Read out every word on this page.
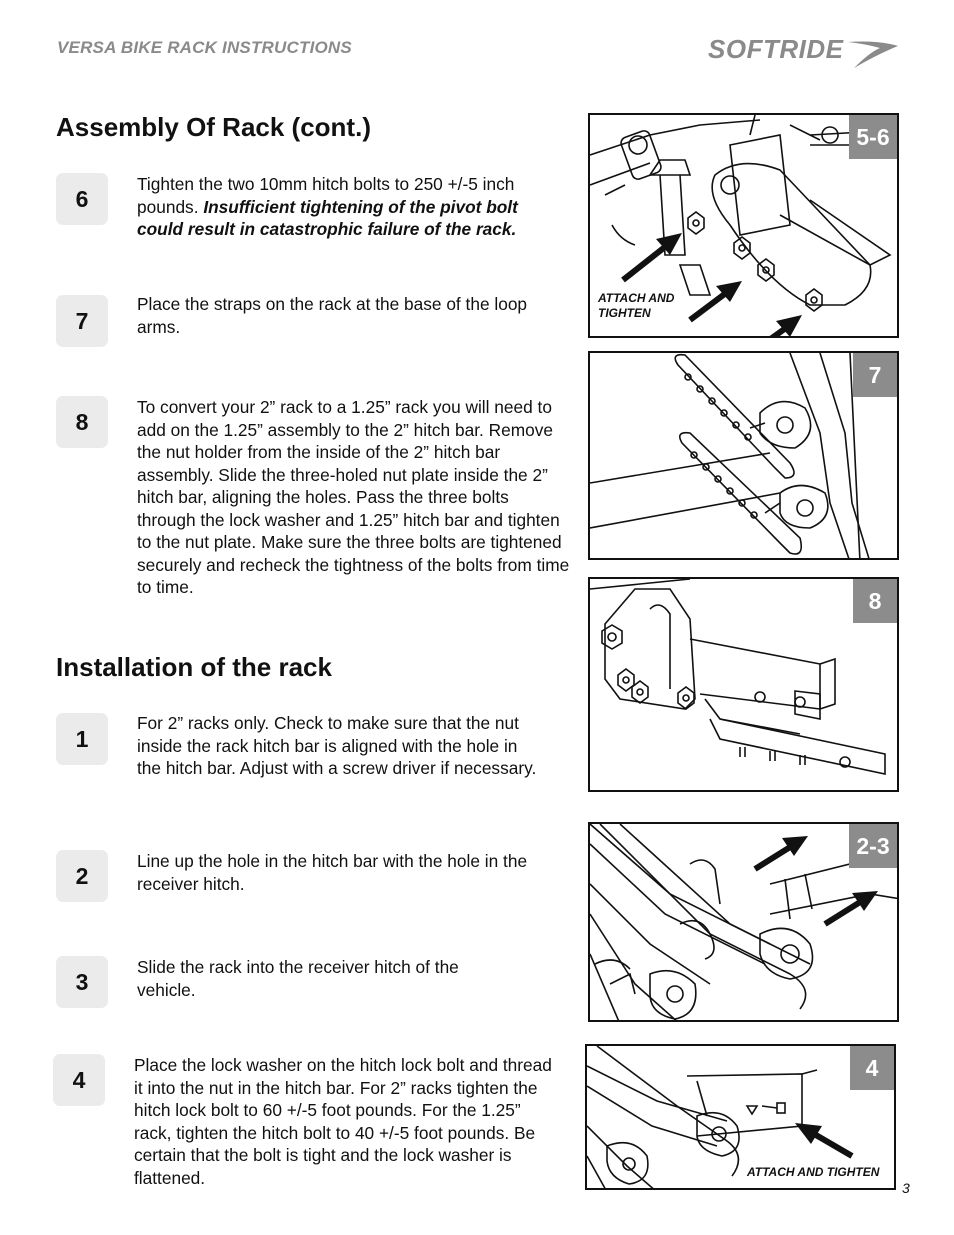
VERSA BIKE RACK INSTRUCTIONS	SOFTRIDE
Assembly Of Rack (cont.)
6
Tighten the two 10mm hitch bolts to 250 +/-5 inch pounds. Insufficient tightening of the pivot bolt could result in catastrophic failure of the rack.
7
Place the straps on the rack at the base of the loop arms.
8
To convert your 2” rack to a 1.25” rack you will need to add on the 1.25” assembly to the 2” hitch bar. Remove the nut holder from the inside of the 2” hitch bar assembly. Slide the three-holed nut plate inside the 2” hitch bar, aligning the holes. Pass the three bolts through the lock washer and 1.25” hitch bar and tighten to the nut plate. Make sure the three bolts are tightened securely and recheck the tightness of the bolts from time to time.
Installation of the rack
1
For 2” racks only. Check to make sure that the nut inside the rack hitch bar is aligned with the hole in the hitch bar. Adjust with a screw driver if necessary.
2
Line up the hole in the hitch bar with the hole in the receiver hitch.
3
Slide the rack into the receiver hitch of the vehicle.
4
Place the lock washer on the hitch lock bolt and thread it into the nut in the hitch bar. For 2” racks tighten the hitch lock bolt to 60 +/-5 foot pounds. For the 1.25” rack, tighten the hitch bolt to 40 +/-5 foot pounds. Be certain that the bolt is tight and the lock washer is flattened.
5-6
ATTACH AND
TIGHTEN
7
8
2-3
4
ATTACH AND TIGHTEN
3
